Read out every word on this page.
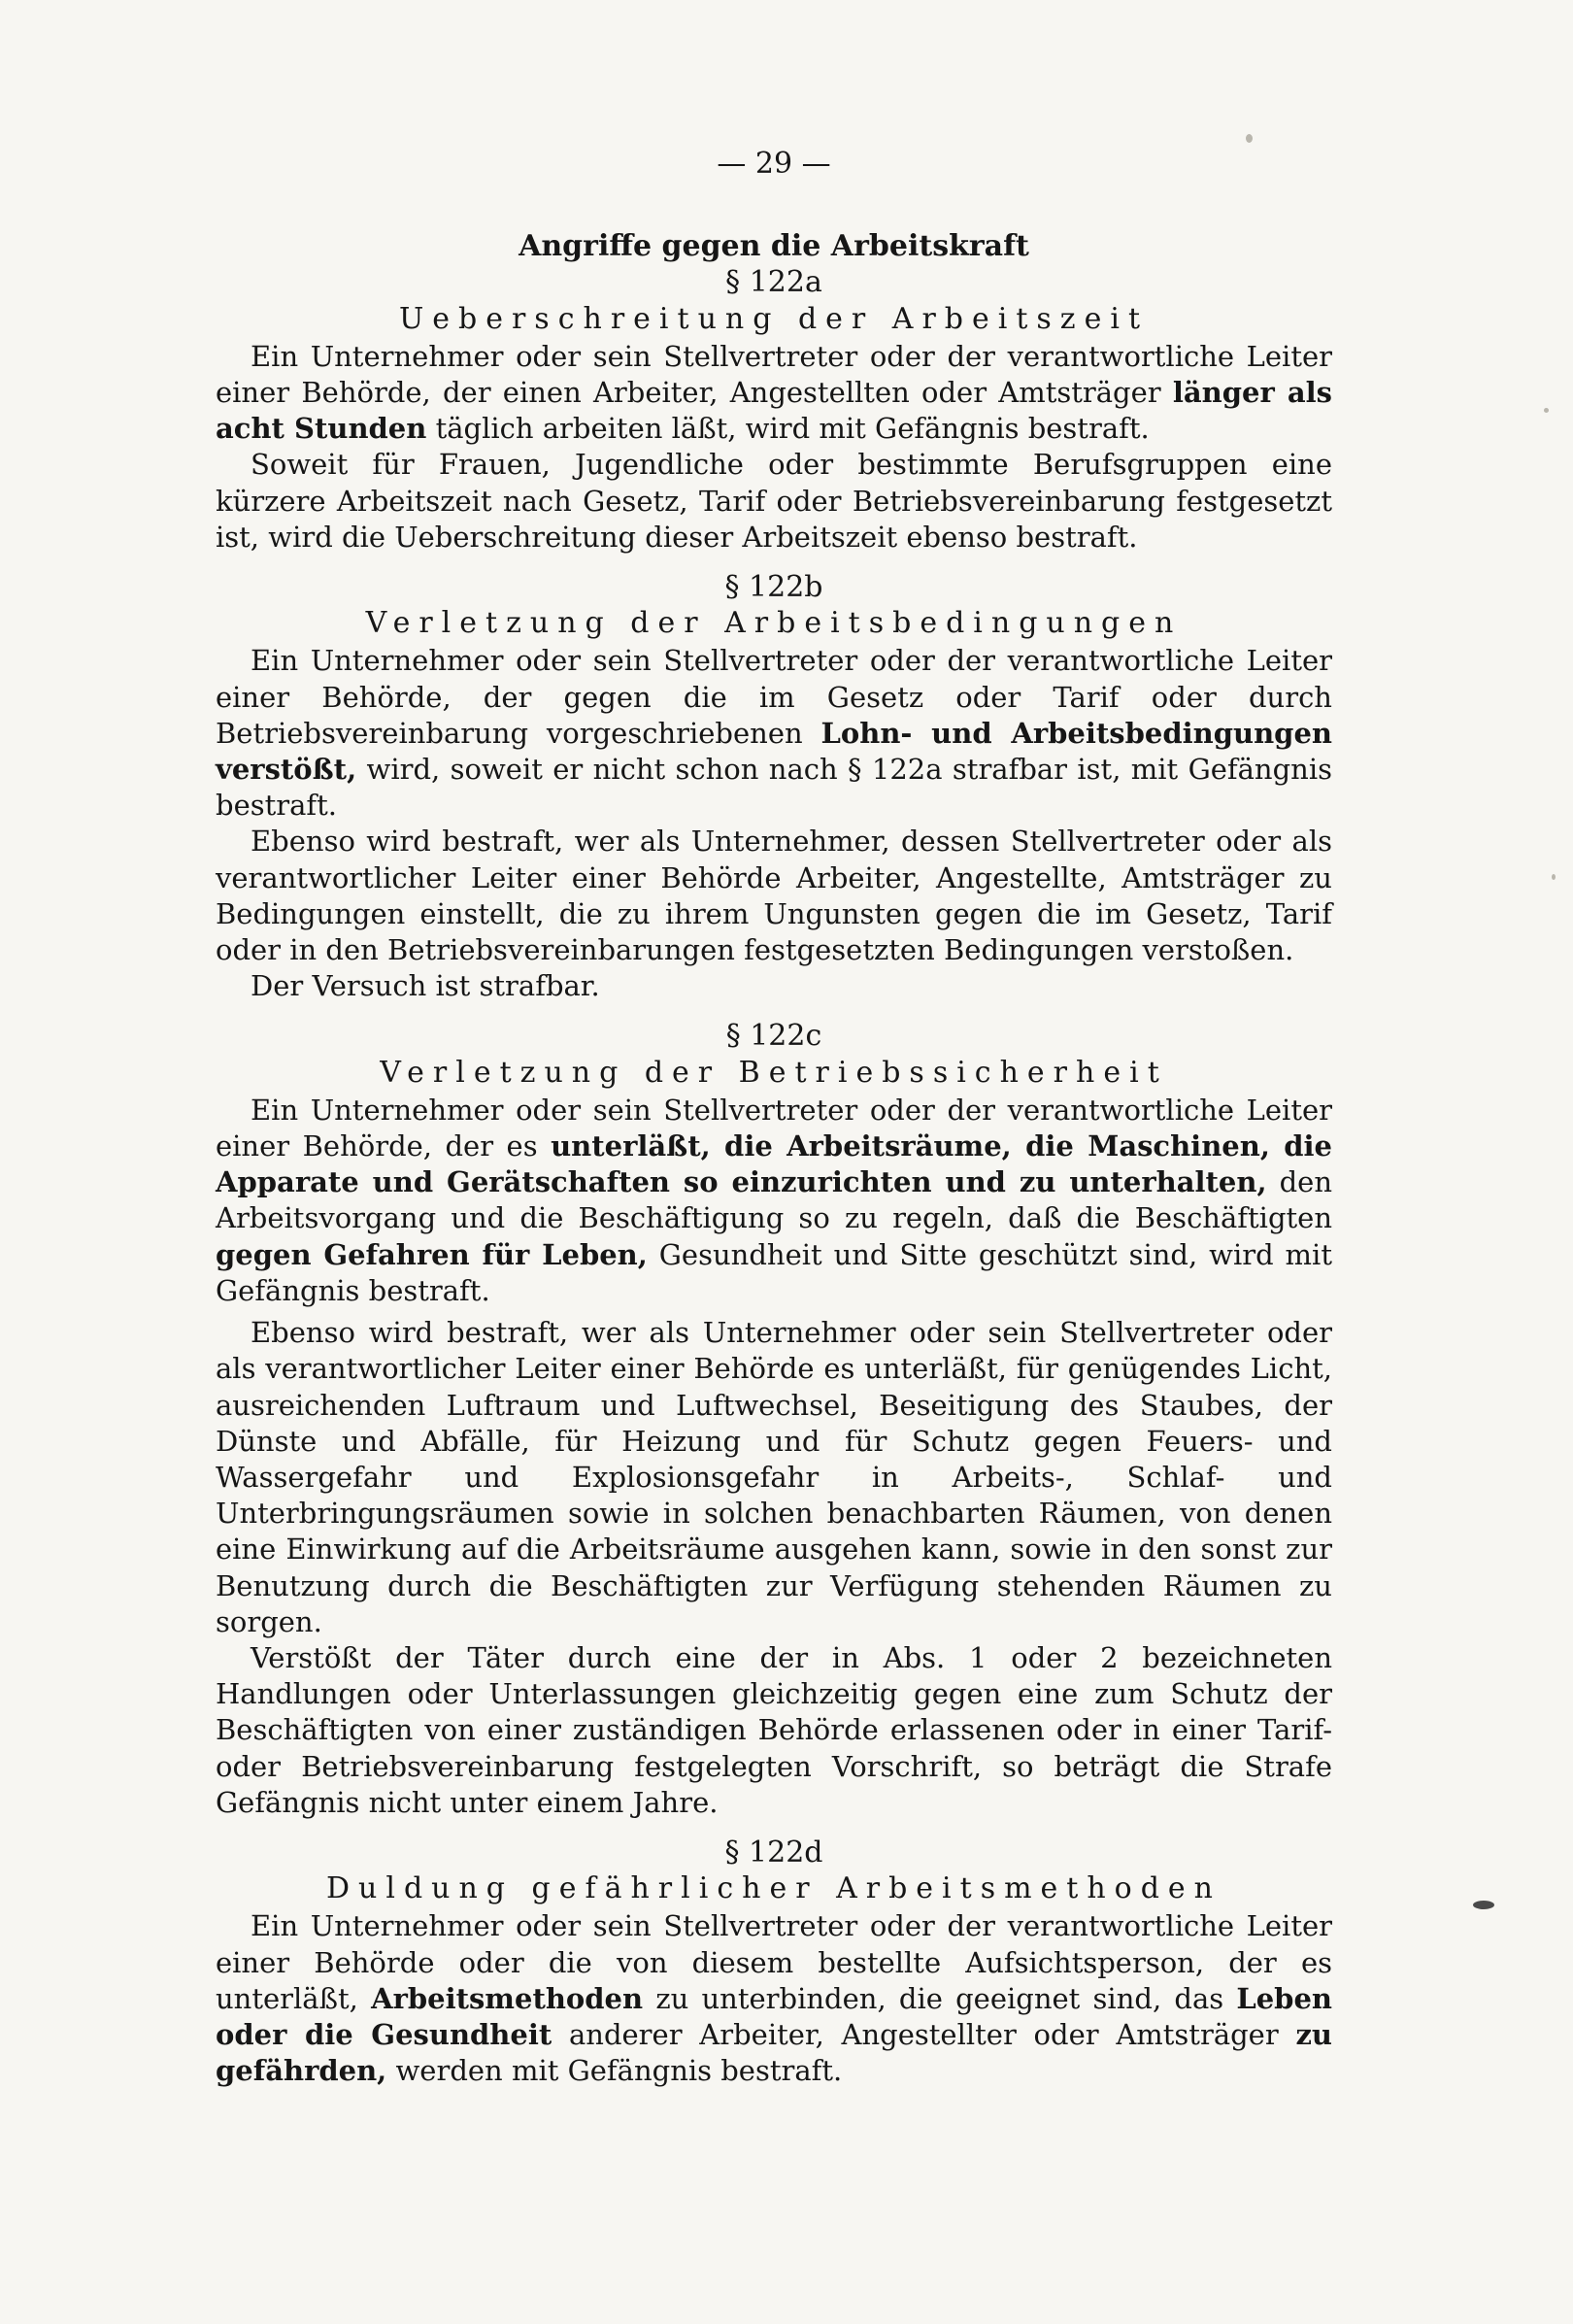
— 29 —

Angriffe gegen die Arbeitskraft

§ 122a

Ueberschreitung der Arbeitszeit

Ein Unternehmer oder sein Stellvertreter oder der verantwortliche Leiter einer Behörde, der einen Arbeiter, Angestellten oder Amtsträger länger als acht Stunden täglich arbeiten läßt, wird mit Gefängnis bestraft.

Soweit für Frauen, Jugendliche oder bestimmte Berufsgruppen eine kürzere Arbeitszeit nach Gesetz, Tarif oder Betriebsvereinbarung festgesetzt ist, wird die Ueberschreitung dieser Arbeitszeit ebenso bestraft.

§ 122b

Verletzung der Arbeitsbedingungen

Ein Unternehmer oder sein Stellvertreter oder der verantwortliche Leiter einer Behörde, der gegen die im Gesetz oder Tarif oder durch Betriebsvereinbarung vorgeschriebenen Lohn- und Arbeitsbedingungen verstößt, wird, soweit er nicht schon nach § 122a strafbar ist, mit Gefängnis bestraft.

Ebenso wird bestraft, wer als Unternehmer, dessen Stellvertreter oder als verantwortlicher Leiter einer Behörde Arbeiter, Angestellte, Amtsträger zu Bedingungen einstellt, die zu ihrem Ungunsten gegen die im Gesetz, Tarif oder in den Betriebsvereinbarungen festgesetzten Bedingungen verstoßen.

Der Versuch ist strafbar.

§ 122c

Verletzung der Betriebssicherheit

Ein Unternehmer oder sein Stellvertreter oder der verantwortliche Leiter einer Behörde, der es unterläßt, die Arbeitsräume, die Maschinen, die Apparate und Gerätschaften so einzurichten und zu unterhalten, den Arbeitsvorgang und die Beschäftigung so zu regeln, daß die Beschäftigten gegen Gefahren für Leben, Gesundheit und Sitte geschützt sind, wird mit Gefängnis bestraft.

Ebenso wird bestraft, wer als Unternehmer oder sein Stellvertreter oder als verantwortlicher Leiter einer Behörde es unterläßt, für genügendes Licht, ausreichenden Luftraum und Luftwechsel, Beseitigung des Staubes, der Dünste und Abfälle, für Heizung und für Schutz gegen Feuers- und Wassergefahr und Explosionsgefahr in Arbeits-, Schlaf- und Unterbringungsräumen sowie in solchen benachbarten Räumen, von denen eine Einwirkung auf die Arbeitsräume ausgehen kann, sowie in den sonst zur Benutzung durch die Beschäftigten zur Verfügung stehenden Räumen zu sorgen.

Verstößt der Täter durch eine der in Abs. 1 oder 2 bezeichneten Handlungen oder Unterlassungen gleichzeitig gegen eine zum Schutz der Beschäftigten von einer zuständigen Behörde erlassenen oder in einer Tarif- oder Betriebsvereinbarung festgelegten Vorschrift, so beträgt die Strafe Gefängnis nicht unter einem Jahre.

§ 122d

Duldung gefährlicher Arbeitsmethoden

Ein Unternehmer oder sein Stellvertreter oder der verantwortliche Leiter einer Behörde oder die von diesem bestellte Aufsichtsperson, der es unterläßt, Arbeitsmethoden zu unterbinden, die geeignet sind, das Leben oder die Gesundheit anderer Arbeiter, Angestellter oder Amtsträger zu gefährden, werden mit Gefängnis bestraft.
